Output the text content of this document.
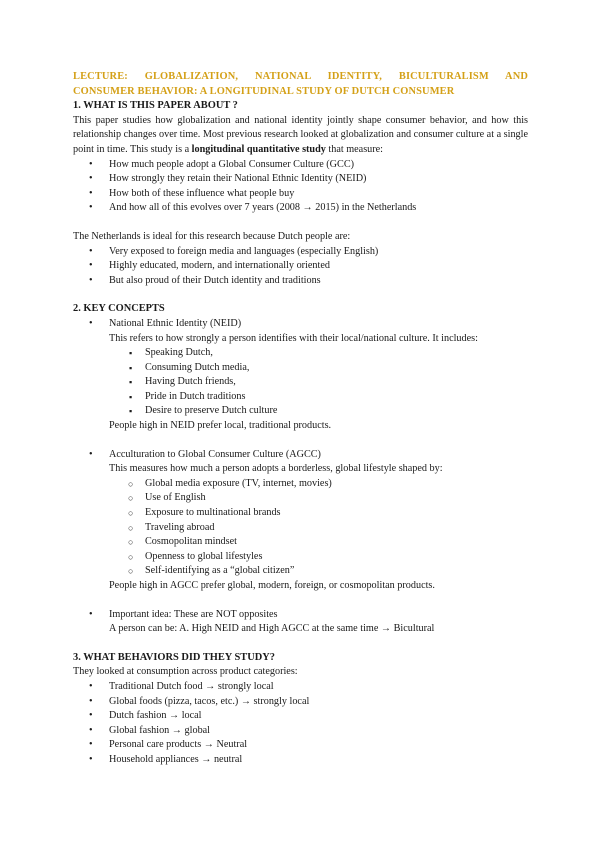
LECTURE: GLOBALIZATION, NATIONAL IDENTITY, BICULTURALISM AND
CONSUMER BEHAVIOR: A LONGITUDINAL STUDY OF DUTCH CONSUMER
1. WHAT IS THIS PAPER ABOUT ?

This paper studies how globalization and national identity jointly shape consumer behavior, and how this relationship changes over time. Most previous research looked at globalization and consumer culture at a single point in time. This study is a longitudinal quantitative study that measure:

• How much people adopt a Global Consumer Culture (GCC)
• How strongly they retain their National Ethnic Identity (NEID)
• How both of these influence what people buy
• And how all of this evolves over 7 years (2008 → 2015) in the Netherlands

The Netherlands is ideal for this research because Dutch people are:

• Very exposed to foreign media and languages (especially English)
• Highly educated, modern, and internationally oriented
• But also proud of their Dutch identity and traditions
2. KEY CONCEPTS
• National Ethnic Identity (NEID)
This refers to how strongly a person identifies with their local/national culture. It includes:
▪ Speaking Dutch,
▪ Consuming Dutch media,
▪ Having Dutch friends,
▪ Pride in Dutch traditions
▪ Desire to preserve Dutch culture
People high in NEID prefer local, traditional products.
• Acculturation to Global Consumer Culture (AGCC)
This measures how much a person adopts a borderless, global lifestyle shaped by:
○ Global media exposure (TV, internet, movies)
○ Use of English
○ Exposure to multinational brands
○ Traveling abroad
○ Cosmopolitan mindset
○ Openness to global lifestyles
○ Self-identifying as a “global citizen”
People high in AGCC prefer global, modern, foreign, or cosmopolitan products.
• Important idea: These are NOT opposites
A person can be: A. High NEID and High AGCC at the same time → Bicultural
3. WHAT BEHAVIORS DID THEY STUDY?

They looked at consumption across product categories:

• Traditional Dutch food → strongly local
• Global foods (pizza, tacos, etc.) → strongly local
• Dutch fashion → local
• Global fashion → global
• Personal care products → Neutral
• Household appliances → neutral
